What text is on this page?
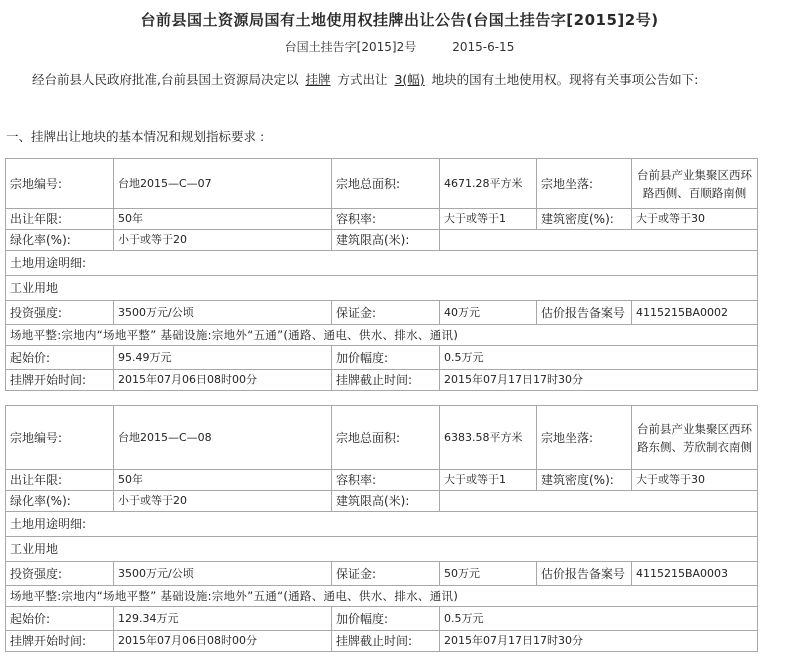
台前县国土资源局国有土地使用权挂牌出让公告(台国土挂告字[2015]2号)
台国土挂告字[2015]2号	2015-6-15
经台前县人民政府批准,台前县国土资源局决定以 挂牌 方式出让 3(幅) 地块的国有土地使用权。现将有关事项公告如下:
一、挂牌出让地块的基本情况和规划指标要求 :
宗地编号:	台地2015—C—07	宗地总面积:	4671.28平方米	宗地坐落:	台前县产业集聚区西环路西侧、百顺路南侧
出让年限:	50年	容积率:	大于或等于1	建筑密度(%):	大于或等于30
绿化率(%):	小于或等于20	建筑限高(米):			
土地用途明细:					
工业用地					
投资强度:	3500万元/公顷	保证金:	40万元	估价报告备案号	4115215BA0002
场地平整:宗地内“场地平整” 基础设施:宗地外“五通”(通路、通电、供水、排水、通讯)					
起始价:	95.49万元	加价幅度:	0.5万元		
挂牌开始时间:	2015年07月06日08时00分	挂牌截止时间:	2015年07月17日17时30分		
宗地编号:	台地2015—C—08	宗地总面积:	6383.58平方米	宗地坐落:	台前县产业集聚区西环路东侧、芳欣制衣南侧
出让年限:	50年	容积率:	大于或等于1	建筑密度(%):	大于或等于30
绿化率(%):	小于或等于20	建筑限高(米):			
土地用途明细:					
工业用地					
投资强度:	3500万元/公顷	保证金:	50万元	估价报告备案号	4115215BA0003
场地平整:宗地内“场地平整” 基础设施:宗地外”五通“(通路、通电、供水、排水、通讯)					
起始价:	129.34万元	加价幅度:	0.5万元		
挂牌开始时间:	2015年07月06日08时00分	挂牌截止时间:	2015年07月17日17时30分		
